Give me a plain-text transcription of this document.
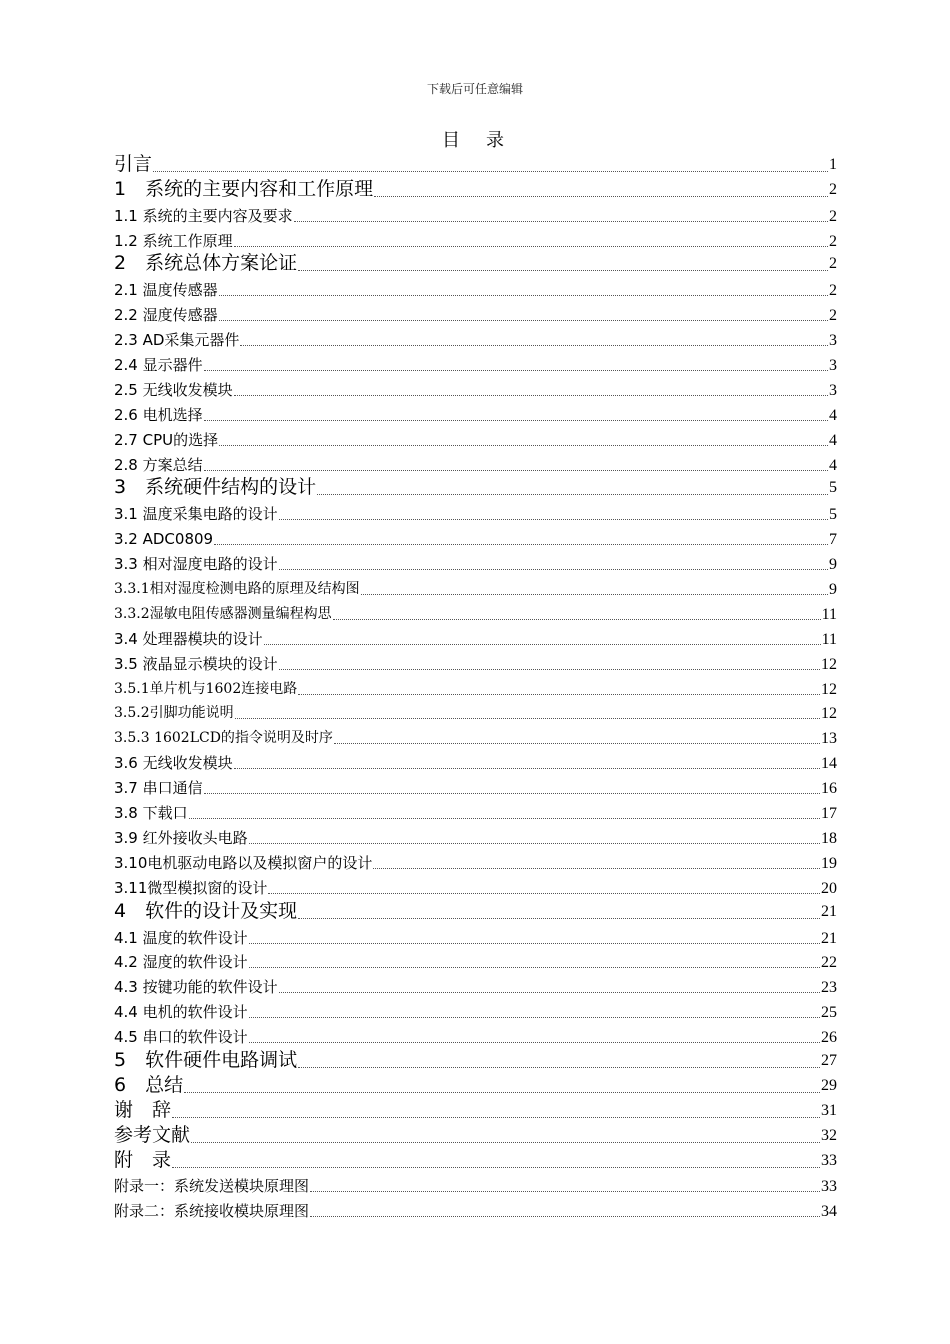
下载后可任意编辑
目　录
引言	1
1　系统的主要内容和工作原理	2
1.1 系统的主要内容及要求	2
1.2 系统工作原理	2
2　系统总体方案论证	2
2.1 温度传感器	2
2.2 湿度传感器	2
2.3 AD采集元器件	3
2.4 显示器件	3
2.5 无线收发模块	3
2.6 电机选择	4
2.7 CPU的选择	4
2.8 方案总结	4
3　系统硬件结构的设计	5
3.1 温度采集电路的设计	5
3.2 ADC0809	7
3.3 相对湿度电路的设计	9
3.3.1相对湿度检测电路的原理及结构图	9
3.3.2湿敏电阻传感器测量编程构思	11
3.4 处理器模块的设计	11
3.5 液晶显示模块的设计	12
3.5.1单片机与1602连接电路	12
3.5.2引脚功能说明	12
3.5.3 1602LCD的指令说明及时序	13
3.6 无线收发模块	14
3.7 串口通信	16
3.8 下载口	17
3.9 红外接收头电路	18
3.10电机驱动电路以及模拟窗户的设计	19
3.11微型模拟窗的设计	20
4　软件的设计及实现	21
4.1 温度的软件设计	21
4.2 湿度的软件设计	22
4.3 按键功能的软件设计	23
4.4 电机的软件设计	25
4.5 串口的软件设计	26
5　软件硬件电路调试	27
6　总结	29
谢　辞	31
参考文献	32
附　录	33
附录一：系统发送模块原理图	33
附录二：系统接收模块原理图	34
